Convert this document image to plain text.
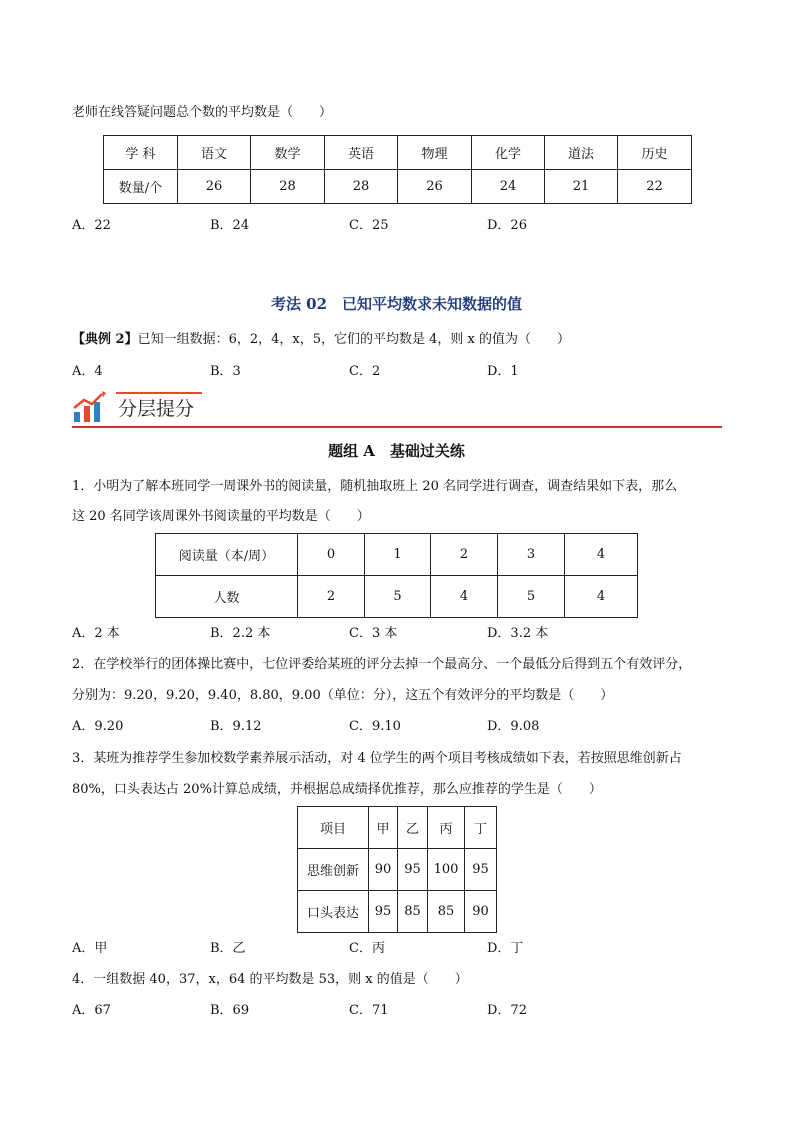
老师在线答疑问题总个数的平均数是（　　）
学 科	语文	数学	英语	物理	化学	道法	历史
数量/个	26	28	28	26	24	21	22
A．22	B．24	C．25	D．26
考法 02　已知平均数求未知数据的值
【典例 2】已知一组数据：6，2，4，x，5，它们的平均数是 4，则 x 的值为（　　）
A．4	B．3	C．2	D．1
分层提分
题组 A　基础过关练
1．小明为了解本班同学一周课外书的阅读量，随机抽取班上 20 名同学进行调查，调查结果如下表，那么
这 20 名同学该周课外书阅读量的平均数是（　　）
阅读量（本/周）	0	1	2	3	4
人数	2	5	4	5	4
A．2 本	B．2.2 本	C．3 本	D．3.2 本
2．在学校举行的团体操比赛中，七位评委给某班的评分去掉一个最高分、一个最低分后得到五个有效评分，
分别为：9.20，9.20，9.40，8.80，9.00（单位：分），这五个有效评分的平均数是（　　）
A．9.20	B．9.12	C．9.10	D．9.08
3．某班为推荐学生参加校数学素养展示活动，对 4 位学生的两个项目考核成绩如下表，若按照思维创新占
80%，口头表达占 20%计算总成绩，并根据总成绩择优推荐，那么应推荐的学生是（　　）
项目	甲	乙	丙	丁
思维创新	90	95	100	95
口头表达	95	85	85	90
A．甲	B．乙	C．丙	D．丁
4．一组数据 40，37，x，64 的平均数是 53，则 x 的值是（　　）
A．67	B．69	C．71	D．72
